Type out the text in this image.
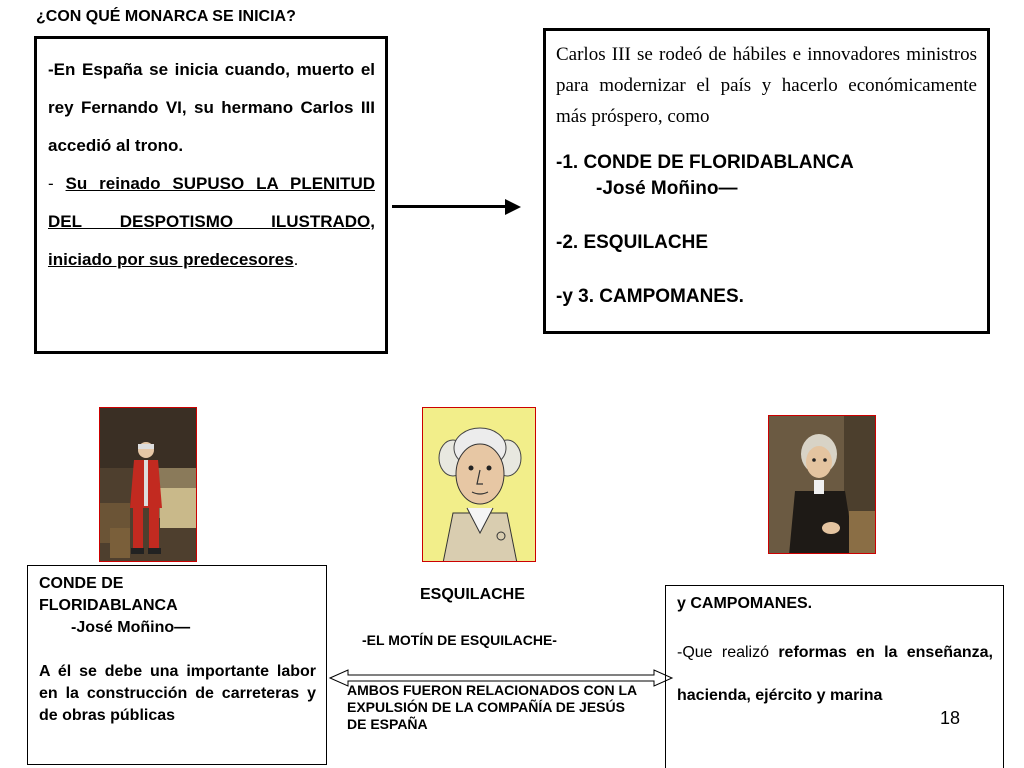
¿CON QUÉ MONARCA SE INICIA?

-En España se inicia cuando, muerto el rey Fernando VI, su hermano Carlos III accedió al trono.

- Su reinado SUPUSO LA PLENITUD DEL DESPOTISMO ILUSTRADO, iniciado por sus predecesores.

Carlos III se rodeó de hábiles e innovadores ministros para modernizar el país y hacerlo económicamente más próspero, como

-1. CONDE DE FLORIDABLANCA

-José Moñino—

-2. ESQUILACHE

-y 3. CAMPOMANES.

CONDE DE

FLORIDABLANCA

-José Moñino—

A él se debe una importante labor en la construcción de carreteras y de obras públicas

ESQUILACHE
-EL MOTÍN DE ESQUILACHE-
AMBOS FUERON RELACIONADOS CON LA EXPULSIÓN DE LA COMPAÑÍA DE JESÚS DE ESPAÑA

y CAMPOMANES.

-Que realizó reformas en la enseñanza, hacienda, ejército y marina

18
